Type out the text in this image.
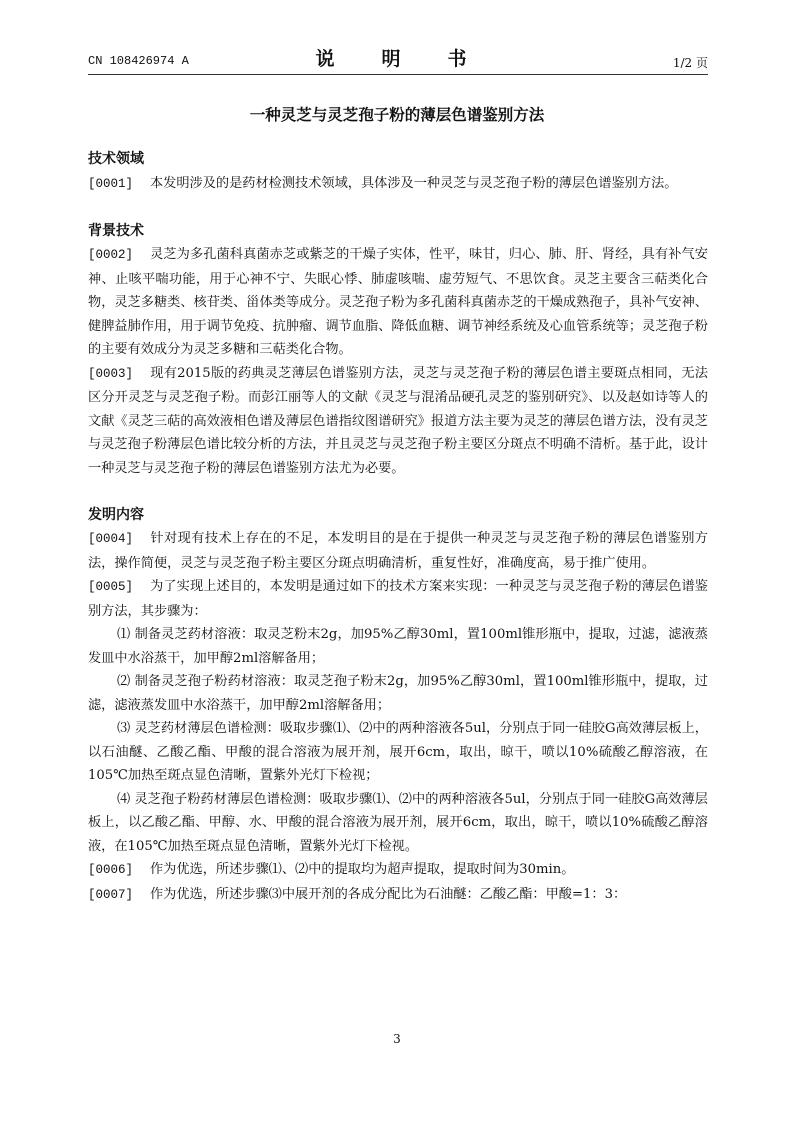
CN 108426974 A	说　明　书	1/2 页
一种灵芝与灵芝孢子粉的薄层色谱鉴别方法

技术领域

[0001] 本发明涉及的是药材检测技术领域，具体涉及一种灵芝与灵芝孢子粉的薄层色谱鉴别方法。

背景技术

[0002] 灵芝为多孔菌科真菌赤芝或紫芝的干燥子实体，性平，味甘，归心、肺、肝、肾经，具有补气安神、止咳平喘功能，用于心神不宁、失眠心悸、肺虚咳喘、虚劳短气、不思饮食。灵芝主要含三萜类化合物，灵芝多糖类、核苷类、甾体类等成分。灵芝孢子粉为多孔菌科真菌赤芝的干燥成熟孢子，具补气安神、健脾益肺作用，用于调节免疫、抗肿瘤、调节血脂、降低血糖、调节神经系统及心血管系统等；灵芝孢子粉的主要有效成分为灵芝多糖和三萜类化合物。

[0003] 现有2015版的药典灵芝薄层色谱鉴别方法，灵芝与灵芝孢子粉的薄层色谱主要斑点相同，无法区分开灵芝与灵芝孢子粉。而彭江丽等人的文献《灵芝与混淆品硬孔灵芝的鉴别研究》、以及赵如诗等人的文献《灵芝三萜的高效液相色谱及薄层色谱指纹图谱研究》报道方法主要为灵芝的薄层色谱方法，没有灵芝与灵芝孢子粉薄层色谱比较分析的方法，并且灵芝与灵芝孢子粉主要区分斑点不明确不清析。基于此，设计一种灵芝与灵芝孢子粉的薄层色谱鉴别方法尤为必要。

发明内容

[0004] 针对现有技术上存在的不足，本发明目的是在于提供一种灵芝与灵芝孢子粉的薄层色谱鉴别方法，操作简便，灵芝与灵芝孢子粉主要区分斑点明确清析，重复性好，准确度高，易于推广使用。

[0005] 为了实现上述目的，本发明是通过如下的技术方案来实现：一种灵芝与灵芝孢子粉的薄层色谱鉴别方法，其步骤为：

⑴ 制备灵芝药材溶液：取灵芝粉末2g，加95%乙醇30ml，置100ml锥形瓶中，提取，过滤，滤液蒸发皿中水浴蒸干，加甲醇2ml溶解备用；

⑵ 制备灵芝孢子粉药材溶液：取灵芝孢子粉末2g，加95%乙醇30ml，置100ml锥形瓶中，提取，过滤，滤液蒸发皿中水浴蒸干，加甲醇2ml溶解备用；

⑶ 灵芝药材薄层色谱检测：吸取步骤⑴、⑵中的两种溶液各5ul，分别点于同一硅胶G高效薄层板上，以石油醚、乙酸乙酯、甲酸的混合溶液为展开剂，展开6cm，取出，晾干，喷以10%硫酸乙醇溶液，在105℃加热至斑点显色清晰，置紫外光灯下检视；

⑷ 灵芝孢子粉药材薄层色谱检测：吸取步骤⑴、⑵中的两种溶液各5ul，分别点于同一硅胶G高效薄层板上，以乙酸乙酯、甲醇、水、甲酸的混合溶液为展开剂，展开6cm，取出，晾干，喷以10%硫酸乙醇溶液，在105℃加热至斑点显色清晰，置紫外光灯下检视。

[0006] 作为优选，所述步骤⑴、⑵中的提取均为超声提取，提取时间为30min。

[0007] 作为优选，所述步骤⑶中展开剂的各成分配比为石油醚：乙酸乙酯：甲酸=1：3：

3
